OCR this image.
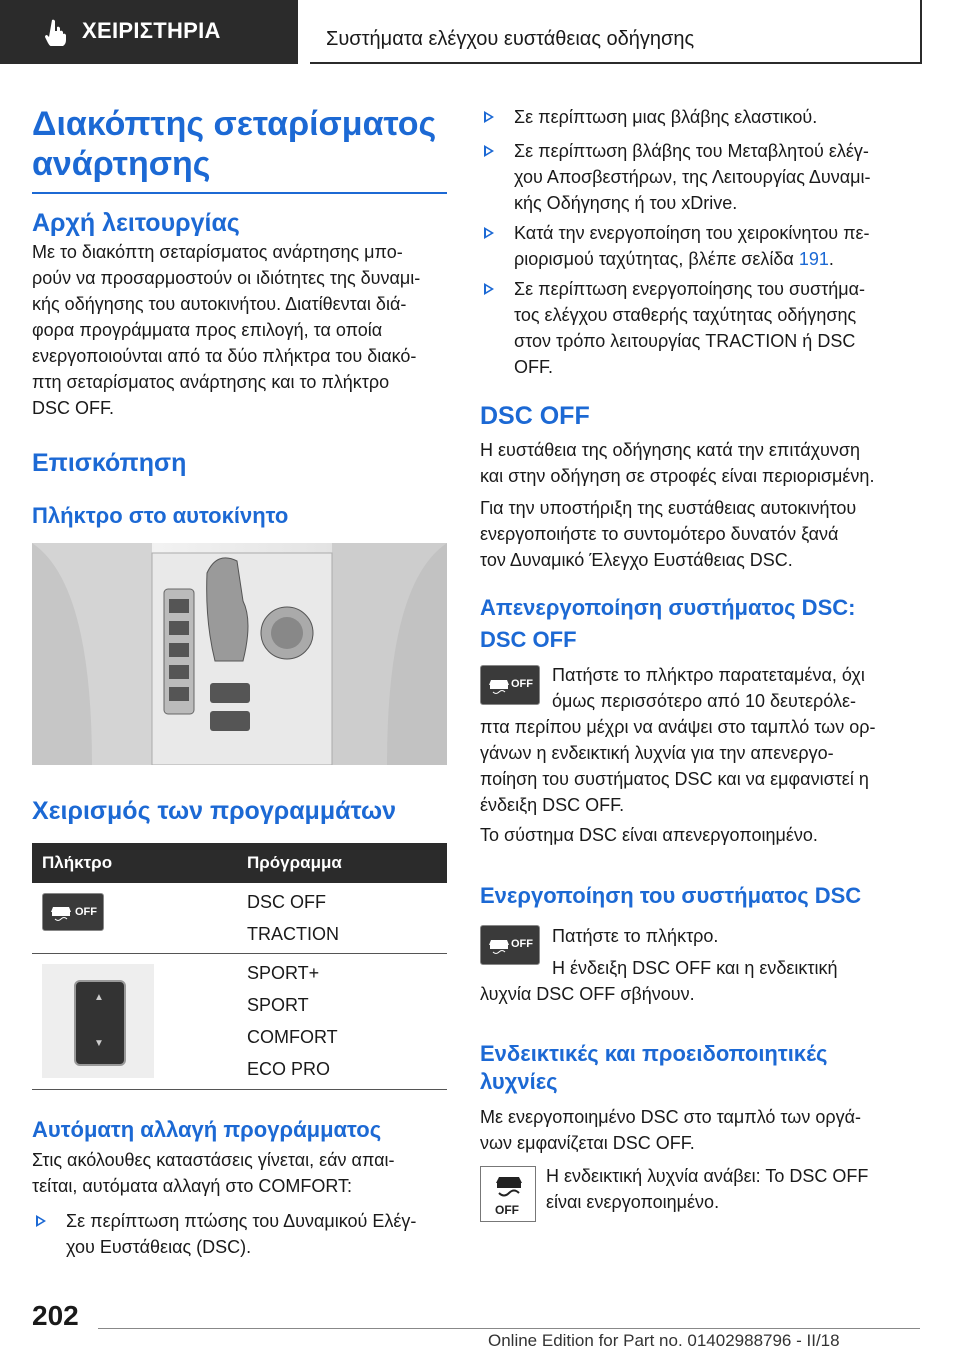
ΧΕΙΡΙΣΤΗΡΙΑ	Συστήματα ελέγχου ευστάθειας οδήγησης
Διακόπτης σεταρίσματος
ανάρτησης
Αρχή λειτουργίας
Με το διακόπτη σεταρίσματος ανάρτησης μπο‐
ρούν να προσαρμοστούν οι ιδιότητες της δυναμι‐
κής οδήγησης του αυτοκινήτου. Διατίθενται διά‐
φορα προγράμματα προς επιλογή, τα οποία
ενεργοποιούνται από τα δύο πλήκτρα του διακό‐
πτη σεταρίσματος ανάρτησης και το πλήκτρο
DSC OFF.
Επισκόπηση
Πλήκτρο στο αυτοκίνητο
Χειρισμός των προγραμμάτων
Πλήκτρο	Πρόγραμμα
OFF	DSC OFF
TRACTION
▲
▼
SPORT+
SPORT
COMFORT
ECO PRO
Αυτόματη αλλαγή προγράμματος
Στις ακόλουθες καταστάσεις γίνεται, εάν απαι‐
τείται, αυτόματα αλλαγή στο COMFORT:
Σε περίπτωση πτώσης του Δυναμικού Ελέγ‐
χου Ευστάθειας (DSC).
Σε περίπτωση μιας βλάβης ελαστικού.
Σε περίπτωση βλάβης του Μεταβλητού ελέγ‐
χου Αποσβεστήρων, της Λειτουργίας Δυναμι‐
κής Οδήγησης ή του xDrive.
Κατά την ενεργοποίηση του χειροκίνητου πε‐
ριορισμού ταχύτητας, βλέπε σελίδα 191.
Σε περίπτωση ενεργοποίησης του συστήμα‐
τος ελέγχου σταθερής ταχύτητας οδήγησης
στον τρόπο λειτουργίας TRACTION ή DSC
OFF.
DSC OFF
Η ευστάθεια της οδήγησης κατά την επιτάχυνση
και στην οδήγηση σε στροφές είναι περιορισμένη.
Για την υποστήριξη της ευστάθειας αυτοκινήτου
ενεργοποιήστε το συντομότερο δυνατόν ξανά
τον Δυναμικό Έλεγχο Ευστάθειας DSC.
Απενεργοποίηση συστήματος DSC:
DSC OFF
OFF	Πατήστε το πλήκτρο παρατεταμένα, όχι
όμως περισσότερο από 10 δευτερόλε‐
πτα περίπου μέχρι να ανάψει στο ταμπλό των ορ‐
γάνων η ενδεικτική λυχνία για την απενεργο‐
ποίηση του συστήματος DSC και να εμφανιστεί η
ένδειξη DSC OFF.
Το σύστημα DSC είναι απενεργοποιημένο.
Ενεργοποίηση του συστήματος DSC
OFF Πατήστε το πλήκτρο.
Η ένδειξη DSC OFF και η ενδεικτική
λυχνία DSC OFF σβήνουν.
Ενδεικτικές και προειδοποιητικές
λυχνίες
Με ενεργοποιημένο DSC στο ταμπλό των οργά‐
νων εμφανίζεται DSC OFF.
OFF
Η ενδεικτική λυχνία ανάβει: Το DSC OFF
είναι ενεργοποιημένο.
202
Online Edition for Part no. 01402988796 - II/18
